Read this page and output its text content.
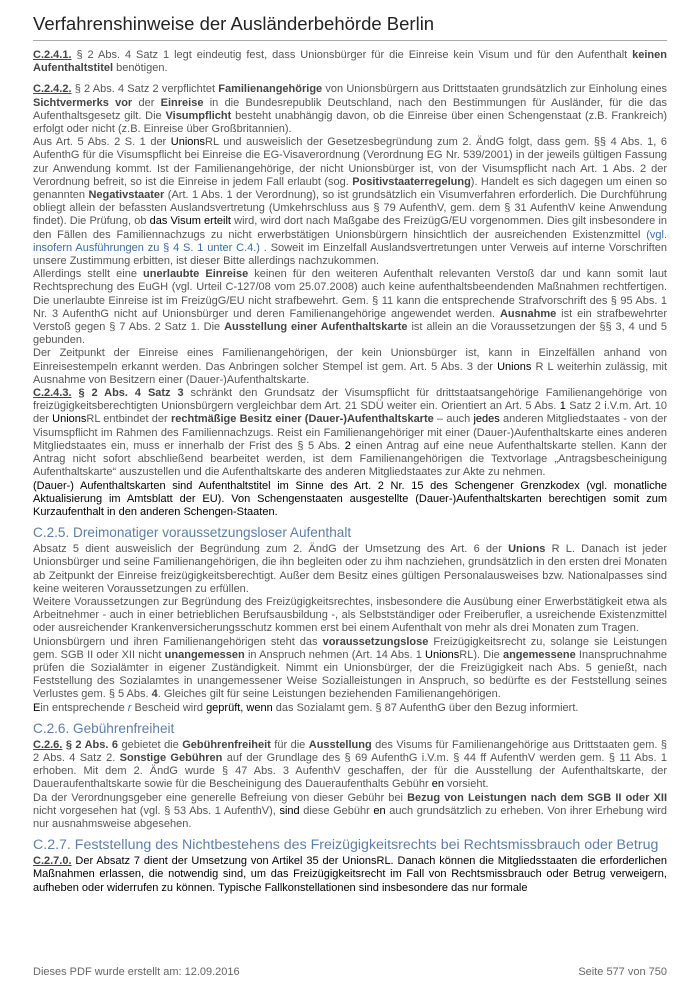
Verfahrenshinweise der Ausländerbehörde Berlin

C.2.4.1. § 2 Abs. 4 Satz 1 legt eindeutig fest, dass Unionsbürger für die Einreise kein Visum und für den Aufenthalt keinen Aufenthaltstitel benötigen.

C.2.4.2. § 2 Abs. 4 Satz 2 verpflichtet Familienangehörige von Unionsbürgern aus Drittstaaten grundsätzlich zur Einholung eines Sichtvermerks vor der Einreise in die Bundesrepublik Deutschland, nach den Bestimmungen für Ausländer, für die das Aufenthaltsgesetz gilt. Die Visumpflicht besteht unabhängig davon, ob die Einreise über einen Schengenstaat (z.B. Frankreich) erfolgt oder nicht (z.B. Einreise über Großbritannien).

Aus Art. 5 Abs. 2 S. 1 der UnionsRL und ausweislich der Gesetzesbegründung zum 2. ÄndG folgt, dass gem. §§ 4 Abs. 1, 6 AufenthG für die Visumspflicht bei Einreise die EG-Visaverordnung (Verordnung EG Nr. 539/2001) in der jeweils gültigen Fassung zur Anwendung kommt. Ist der Familienangehörige, der nicht Unionsbürger ist, von der Visumspflicht nach Art. 1 Abs. 2 der Verordnung befreit, so ist die Einreise in jedem Fall erlaubt (sog. Positivstaaterregelung). Handelt es sich dagegen um einen so genannten Negativstaater (Art. 1 Abs. 1 der Verordnung), so ist grundsätzlich ein Visumverfahren erforderlich. Die Durchführung obliegt allein der befassten Auslandsvertretung (Umkehrschluss aus § 79 AufenthV, gem. dem § 31 AufenthV keine Anwendung findet). Die Prüfung, ob das Visum erteilt wird, wird dort nach Maßgabe des FreizügG/EU vorgenommen. Dies gilt insbesondere in den Fällen des Familiennachzugs zu nicht erwerbstätigen Unionsbürgern hinsichtlich der ausreichenden Existenzmittel (vgl. insofern Ausführungen zu § 4 S. 1 unter C.4.) . Soweit im Einzelfall Auslandsvertretungen unter Verweis auf interne Vorschriften unsere Zustimmung erbitten, ist dieser Bitte allerdings nachzukommen.

Allerdings stellt eine unerlaubte Einreise keinen für den weiteren Aufenthalt relevanten Verstoß dar und kann somit laut Rechtsprechung des EuGH (vgl. Urteil C-127/08 vom 25.07.2008) auch keine aufenthaltsbeendenden Maßnahmen rechtfertigen. Die unerlaubte Einreise ist im FreizügG/EU nicht strafbewehrt. Gem. § 11 kann die entsprechende Strafvorschrift des § 95 Abs. 1 Nr. 3 AufenthG nicht auf Unionsbürger und deren Familienangehörige angewendet werden. Ausnahme ist ein strafbewehrter Verstoß gegen § 7 Abs. 2 Satz 1. Die Ausstellung einer Aufenthaltskarte ist allein an die Voraussetzungen der §§ 3, 4 und 5 gebunden.

Der Zeitpunkt der Einreise eines Familienangehörigen, der kein Unionsbürger ist, kann in Einzelfällen anhand von Einreisestempeln erkannt werden. Das Anbringen solcher Stempel ist gem. Art. 5 Abs. 3 der Unions R L weiterhin zulässig, mit Ausnahme von Besitzern einer (Dauer-)Aufenthaltskarte.

C.2.4.3. § 2 Abs. 4 Satz 3 schränkt den Grundsatz der Visumspflicht für drittstaatsangehörige Familienangehörige von freizügigkeitsberechtigten Unionsbürgern vergleichbar dem Art. 21 SDÜ weiter ein. Orientiert an Art. 5 Abs. 1 Satz 2 i.V.m. Art. 10 der UnionsRL entbindet der rechtmäßige Besitz einer (Dauer-)Aufenthaltskarte – auch jedes anderen Mitgliedstaates - von der Visumspflicht im Rahmen des Familiennachzugs. Reist ein Familienangehöriger mit einer (Dauer-)Aufenthaltskarte eines anderen Mitgliedstaates ein, muss er innerhalb der Frist des § 5 Abs. 2 einen Antrag auf eine neue Aufenthaltskarte stellen. Kann der Antrag nicht sofort abschließend bearbeitet werden, ist dem Familienangehörigen die Textvorlage „Antragsbescheinigung Aufenthaltskarte“ auszustellen und die Aufenthaltskarte des anderen Mitgliedstaates zur Akte zu nehmen.

(Dauer-) Aufenthaltskarten sind Aufenthaltstitel im Sinne des Art. 2 Nr. 15 des Schengener Grenzkodex (vgl. monatliche Aktualisierung im Amtsblatt der EU). Von Schengenstaaten ausgestellte (Dauer-)Aufenthaltskarten berechtigen somit zum Kurzaufenthalt in den anderen Schengen-Staaten.

C.2.5. Dreimonatiger voraussetzungsloser Aufenthalt

Absatz 5 dient ausweislich der Begründung zum 2. ÄndG der Umsetzung des Art. 6 der Unions R L. Danach ist jeder Unionsbürger und seine Familienangehörigen, die ihn begleiten oder zu ihm nachziehen, grundsätzlich in den ersten drei Monaten ab Zeitpunkt der Einreise freizügigkeitsberechtigt. Außer dem Besitz eines gültigen Personalausweises bzw. Nationalpasses sind keine weiteren Voraussetzungen zu erfüllen.

Weitere Voraussetzungen zur Begründung des Freizügigkeitsrechtes, insbesondere die Ausübung einer Erwerbstätigkeit etwa als Arbeitnehmer - auch in einer betrieblichen Berufsausbildung -, als Selbstständiger oder Freiberufler, a usreichende Existenzmittel oder ausreichender Krankenversicherungsschutz kommen erst bei einem Aufenthalt von mehr als drei Monaten zum Tragen.

Unionsbürgern und ihren Familienangehörigen steht das voraussetzungslose Freizügigkeitsrecht zu, solange sie Leistungen gem. SGB II oder XII nicht unangemessen in Anspruch nehmen (Art. 14 Abs. 1 UnionsRL). Die angemessene Inanspruchnahme prüfen die Sozialämter in eigener Zuständigkeit. Nimmt ein Unionsbürger, der die Freizügigkeit nach Abs. 5 genießt, nach Feststellung des Sozialamtes in unangemessener Weise Sozialleistungen in Anspruch, so bedürfte es der Feststellung seines Verlustes gem. § 5 Abs. 4. Gleiches gilt für seine Leistungen beziehenden Familienangehörigen.

Ein entsprechende r Bescheid wird geprüft, wenn das Sozialamt gem. § 87 AufenthG über den Bezug informiert.

C.2.6. Gebührenfreiheit

C.2.6. § 2 Abs. 6 gebietet die Gebührenfreiheit für die Ausstellung des Visums für Familienangehörige aus Drittstaaten gem. § 2 Abs. 4 Satz 2. Sonstige Gebühren auf der Grundlage des § 69 AufenthG i.V.m. § 44 ff AufenthV werden gem. § 11 Abs. 1 erhoben. Mit dem 2. ÄndG wurde § 47 Abs. 3 AufenthV geschaffen, der für die Ausstellung der Aufenthaltskarte, der Daueraufenthaltskarte sowie für die Bescheinigung des Daueraufenthalts Gebühr en vorsieht.

Da der Verordnungsgeber eine generelle Befreiung von dieser Gebühr bei Bezug von Leistungen nach dem SGB II oder XII nicht vorgesehen hat (vgl. § 53 Abs. 1 AufenthV), sind diese Gebühr en auch grundsätzlich zu erheben. Von ihrer Erhebung wird nur ausnahmsweise abgesehen.

C.2.7. Feststellung des Nichtbestehens des Freizügigkeitsrechts bei Rechtsmissbrauch oder Betrug

C.2.7.0. Der Absatz 7 dient der Umsetzung von Artikel 35 der UnionsRL. Danach können die Mitgliedsstaaten die erforderlichen Maßnahmen erlassen, die notwendig sind, um das Freizügigkeitsrecht im Fall von Rechtsmissbrauch oder Betrug verweigern, aufheben oder widerrufen zu können. Typische Fallkonstellationen sind insbesondere das nur formale

Dieses PDF wurde erstellt am: 12.09.2016	Seite 577 von 750
